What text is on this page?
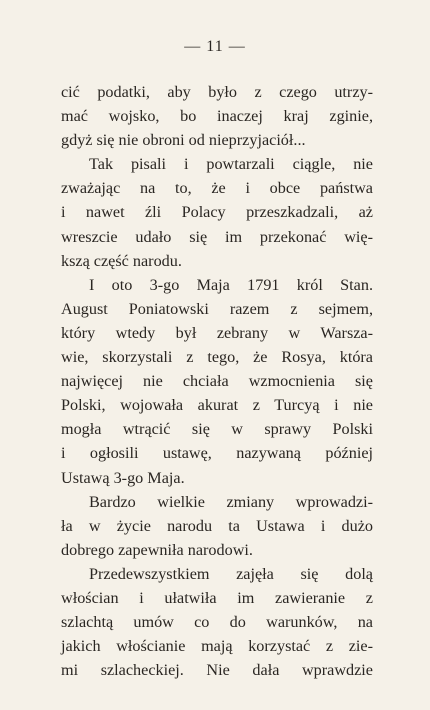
— 11 —
cić podatki, aby było z czego utrzy-
mać wojsko, bo inaczej kraj zginie,
gdyż się nie obroni od nieprzyjaciół...
Tak pisali i powtarzali ciągle, nie
zważając na to, że i obce państwa
i nawet źli Polacy przeszkadzali, aż
wreszcie udało się im przekonać wię-
kszą część narodu.
I oto 3-go Maja 1791 król Stan.
August Poniatowski razem z sejmem,
który wtedy był zebrany w Warsza-
wie, skorzystali z tego, że Rosya, która
najwięcej nie chciała wzmocnienia się
Polski, wojowała akurat z Turcyą i nie
mogła wtrącić się w sprawy Polski
i ogłosili ustawę, nazywaną później
Ustawą 3-go Maja.
Bardzo wielkie zmiany wprowadzi-
ła w życie narodu ta Ustawa i dużo
dobrego zapewniła narodowi.
Przedewszystkiem zajęła się dolą
włościan i ułatwiła im zawieranie z
szlachtą umów co do warunków, na
jakich włościanie mają korzystać z zie-
mi szlacheckiej. Nie dała wprawdzie
